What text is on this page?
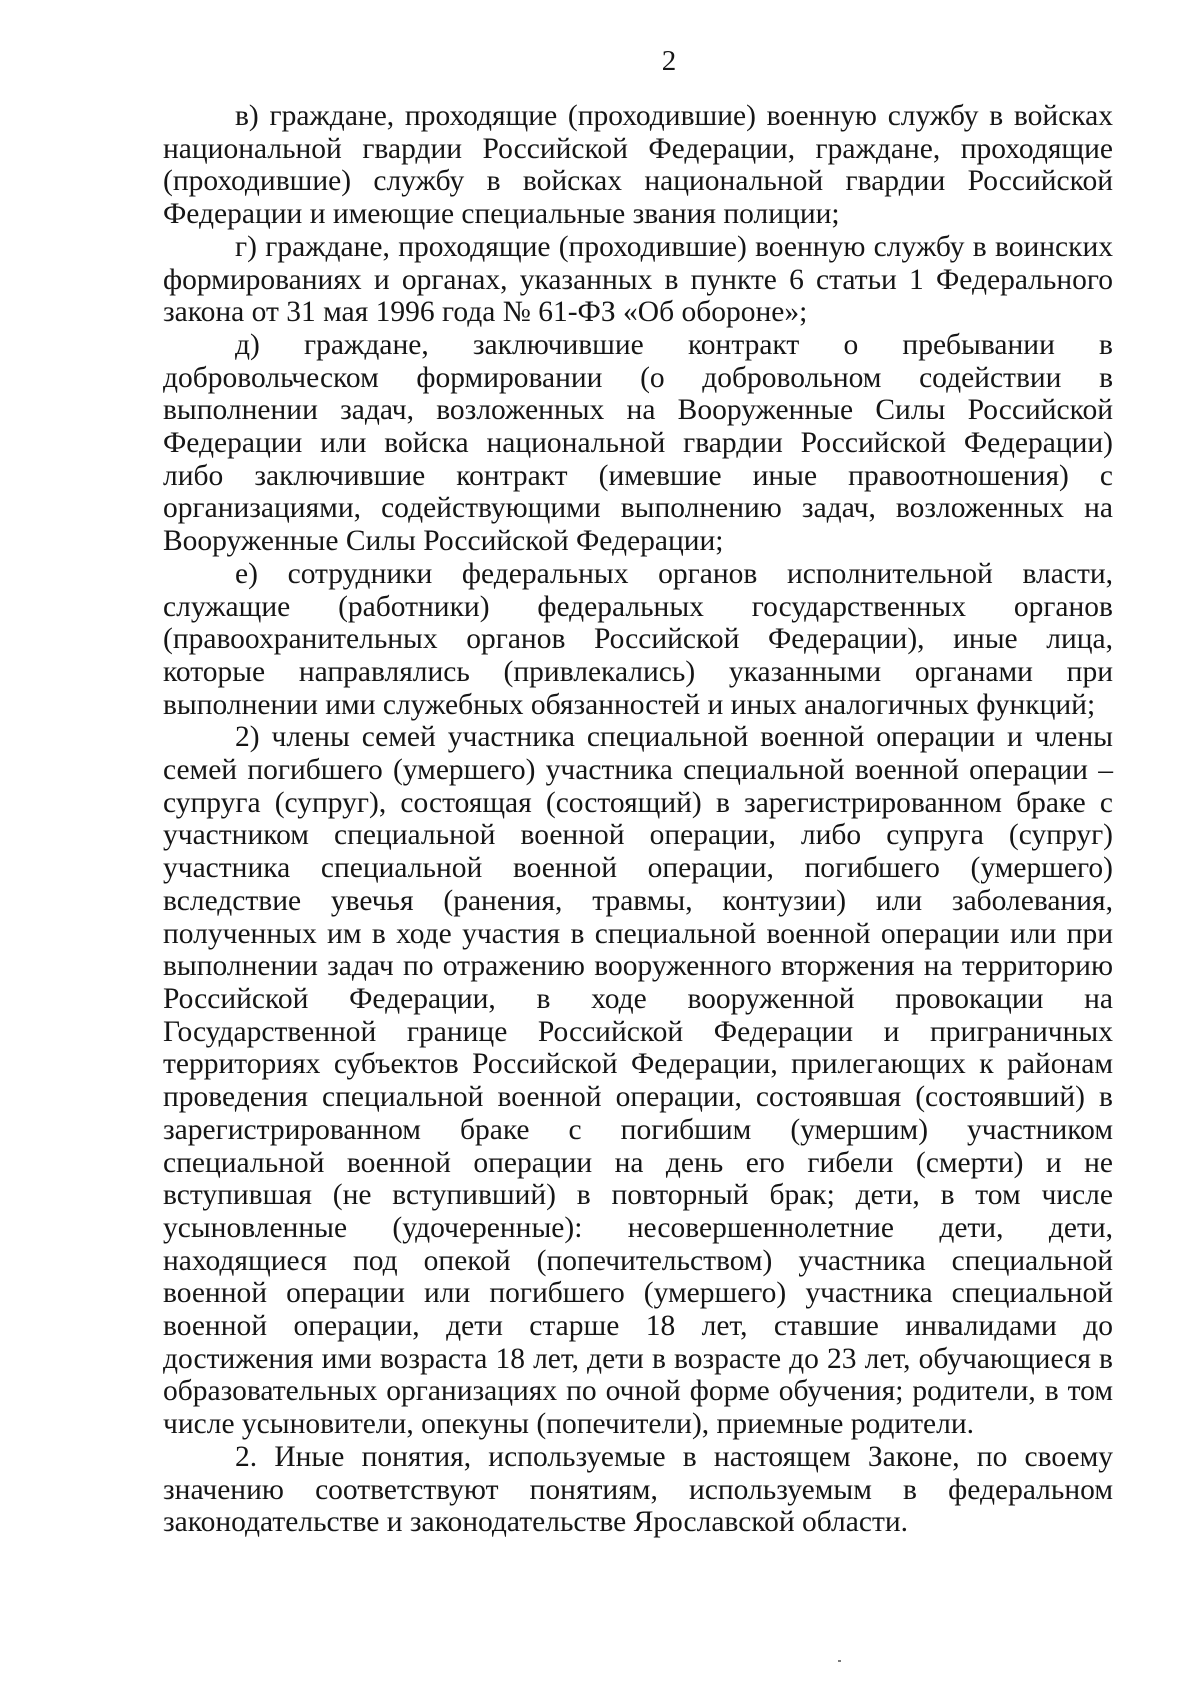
2

в) граждане, проходящие (проходившие) военную службу в войсках национальной гвардии Российской Федерации, граждане, проходящие (проходившие) службу в войсках национальной гвардии Российской Федерации и имеющие специальные звания полиции;

г) граждане, проходящие (проходившие) военную службу в воинских формированиях и органах, указанных в пункте 6 статьи 1 Федерального закона от 31 мая 1996 года № 61-ФЗ «Об обороне»;

д) граждане, заключившие контракт о пребывании в добровольческом формировании (о добровольном содействии в выполнении задач, возложенных на Вооруженные Силы Российской Федерации или войска национальной гвардии Российской Федерации) либо заключившие контракт (имевшие иные правоотношения) с организациями, содействующими выполнению задач, возложенных на Вооруженные Силы Российской Федерации;

е) сотрудники федеральных органов исполнительной власти, служащие (работники) федеральных государственных органов (правоохранительных органов Российской Федерации), иные лица, которые направлялись (привлекались) указанными органами при выполнении ими служебных обязанностей и иных аналогичных функций;

2) члены семей участника специальной военной операции и члены семей погибшего (умершего) участника специальной военной операции – супруга (супруг), состоящая (состоящий) в зарегистрированном браке с участником специальной военной операции, либо супруга (супруг) участника специальной военной операции, погибшего (умершего) вследствие увечья (ранения, травмы, контузии) или заболевания, полученных им в ходе участия в специальной военной операции или при выполнении задач по отражению вооруженного вторжения на территорию Российской Федерации, в ходе вооруженной провокации на Государственной границе Российской Федерации и приграничных территориях субъектов Российской Федерации, прилегающих к районам проведения специальной военной операции, состоявшая (состоявший) в зарегистрированном браке с погибшим (умершим) участником специальной военной операции на день его гибели (смерти) и не вступившая (не вступивший) в повторный брак; дети, в том числе усыновленные (удочеренные): несовершеннолетние дети, дети, находящиеся под опекой (попечительством) участника специальной военной операции или погибшего (умершего) участника специальной военной операции, дети старше 18 лет, ставшие инвалидами до достижения ими возраста 18 лет, дети в возрасте до 23 лет, обучающиеся в образовательных организациях по очной форме обучения; родители, в том числе усыновители, опекуны (попечители), приемные родители.

2. Иные понятия, используемые в настоящем Законе, по своему значению соответствуют понятиям, используемым в федеральном законодательстве и законодательстве Ярославской области.
